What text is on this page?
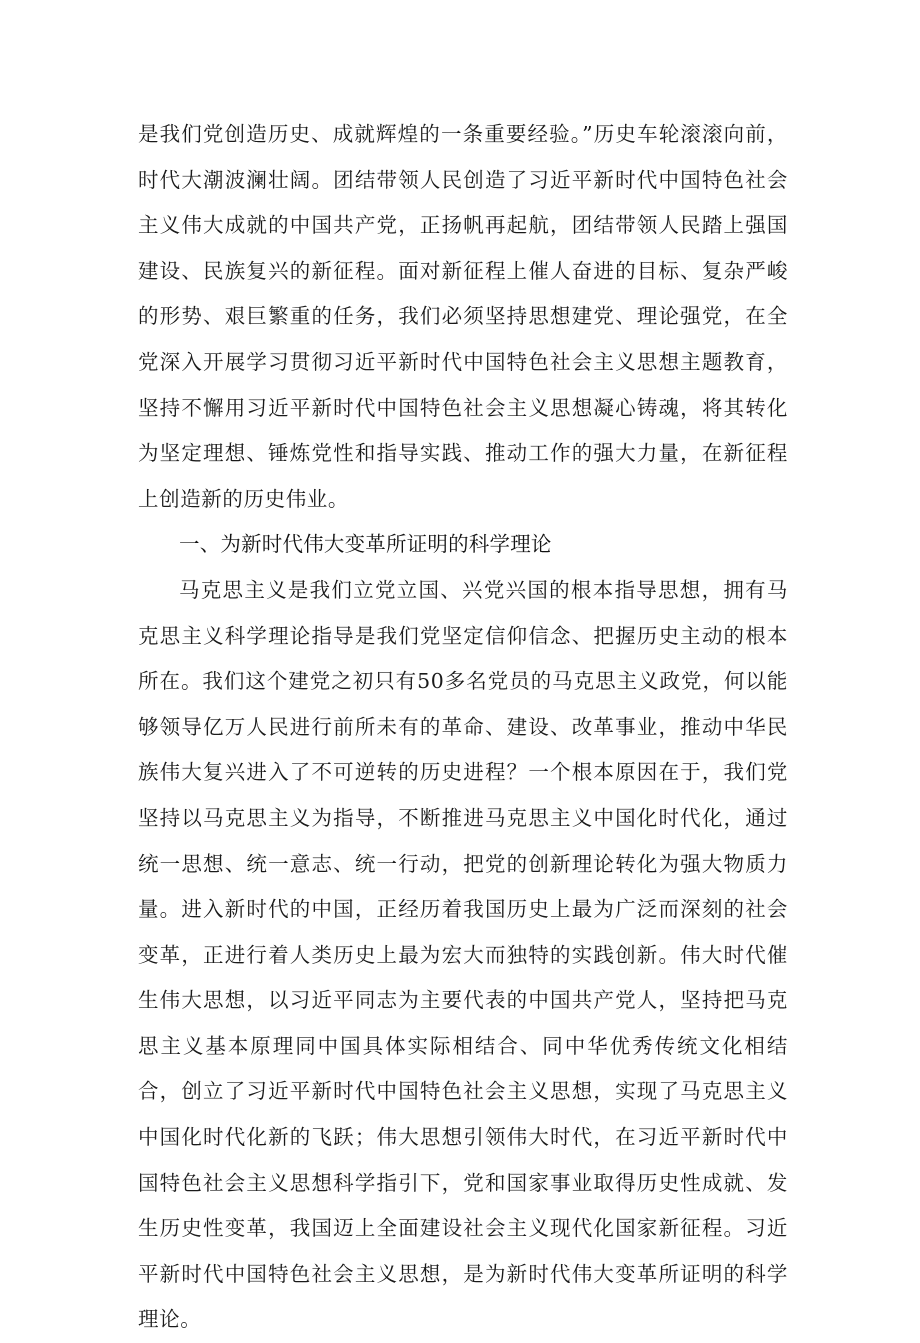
是我们党创造历史、成就辉煌的一条重要经验。”历史车轮滚滚向前，时代大潮波澜壮阔。团结带领人民创造了习近平新时代中国特色社会主义伟大成就的中国共产党，正扬帆再起航，团结带领人民踏上强国建设、民族复兴的新征程。面对新征程上催人奋进的目标、复杂严峻的形势、艰巨繁重的任务，我们必须坚持思想建党、理论强党，在全党深入开展学习贯彻习近平新时代中国特色社会主义思想主题教育，坚持不懈用习近平新时代中国特色社会主义思想凝心铸魂，将其转化为坚定理想、锤炼党性和指导实践、推动工作的强大力量，在新征程上创造新的历史伟业。

一、为新时代伟大变革所证明的科学理论

马克思主义是我们立党立国、兴党兴国的根本指导思想，拥有马克思主义科学理论指导是我们党坚定信仰信念、把握历史主动的根本所在。我们这个建党之初只有50多名党员的马克思主义政党，何以能够领导亿万人民进行前所未有的革命、建设、改革事业，推动中华民族伟大复兴进入了不可逆转的历史进程？一个根本原因在于，我们党坚持以马克思主义为指导，不断推进马克思主义中国化时代化，通过统一思想、统一意志、统一行动，把党的创新理论转化为强大物质力量。进入新时代的中国，正经历着我国历史上最为广泛而深刻的社会变革，正进行着人类历史上最为宏大而独特的实践创新。伟大时代催生伟大思想，以习近平同志为主要代表的中国共产党人，坚持把马克思主义基本原理同中国具体实际相结合、同中华优秀传统文化相结合，创立了习近平新时代中国特色社会主义思想，实现了马克思主义中国化时代化新的飞跃；伟大思想引领伟大时代，在习近平新时代中国特色社会主义思想科学指引下，党和国家事业取得历史性成就、发生历史性变革，我国迈上全面建设社会主义现代化国家新征程。习近平新时代中国特色社会主义思想，是为新时代伟大变革所证明的科学理论。
